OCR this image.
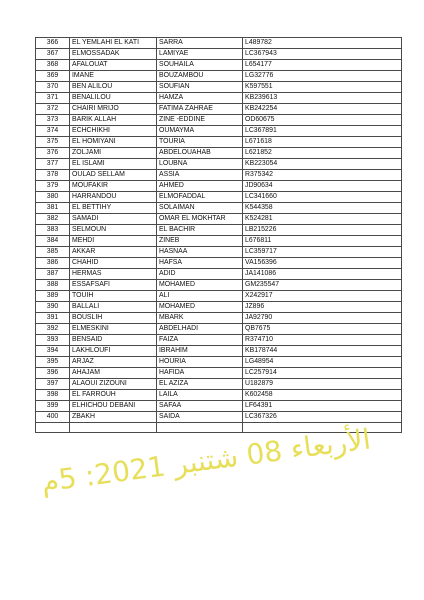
366	EL YEMLAHI EL KATI	SARRA	L489782
367	ELMOSSADAK	LAMIYAE	LC367943
368	AFALOUAT	SOUHAILA	L654177
369	IMANE	BOUZAMBOU	LG32776
370	BEN ALILOU	SOUFIAN	K597551
371	BENALILOU	HAMZA	KB239613
372	CHAIRI MRIJO	FATIMA ZAHRAE	KB242254
373	BARIK ALLAH	ZINE -EDDINE	OD60675
374	ECHCHIKHI	OUMAYMA	LC367891
375	EL HOMIYANI	TOURIA	L671618
376	ZOLJAMI	ABDELOUAHAB	L621852
377	EL ISLAMI	LOUBNA	KB223054
378	OULAD SELLAM	ASSIA	R375342
379	MOUFAKIR	AHMED	JD90634
380	HARRANDOU	ELMOFADDAL	LC341660
381	EL BETTIHY	SOLAIMAN	K544358
382	SAMADI	OMAR EL MOKHTAR	K524281
383	SELMOUN	EL BACHIR	LB215226
384	MEHDI	ZINEB	L676811
385	AKKAR	HASNAA	LC359717
386	CHAHID	HAFSA	VA156396
387	HERMAS	ADID	JA141086
388	ESSAFSAFI	MOHAMED	GM235547
389	TOUIH	ALI	X242917
390	BALLALI	MOHAMED	JZ896
391	BOUSLIH	MBARK	JA92790
392	ELMESKINI	ABDELHADI	QB7675
393	BENSAID	FAIZA	R374710
394	LAKHLOUFI	IBRAHIM	KB178744
395	ARJAZ	HOURIA	LG48954
396	AHAJAM	HAFIDA	LC257914
397	ALAOUI ZIZOUNI	EL AZIZA	U182879
398	EL FARROUH	LAILA	K602458
399	ELHICHOU DEBANI	SAFAA	LF64391
400	ZBAKH	SAIDA	LC367326

الأربعاء 08 شتنبر 2021: 5م
